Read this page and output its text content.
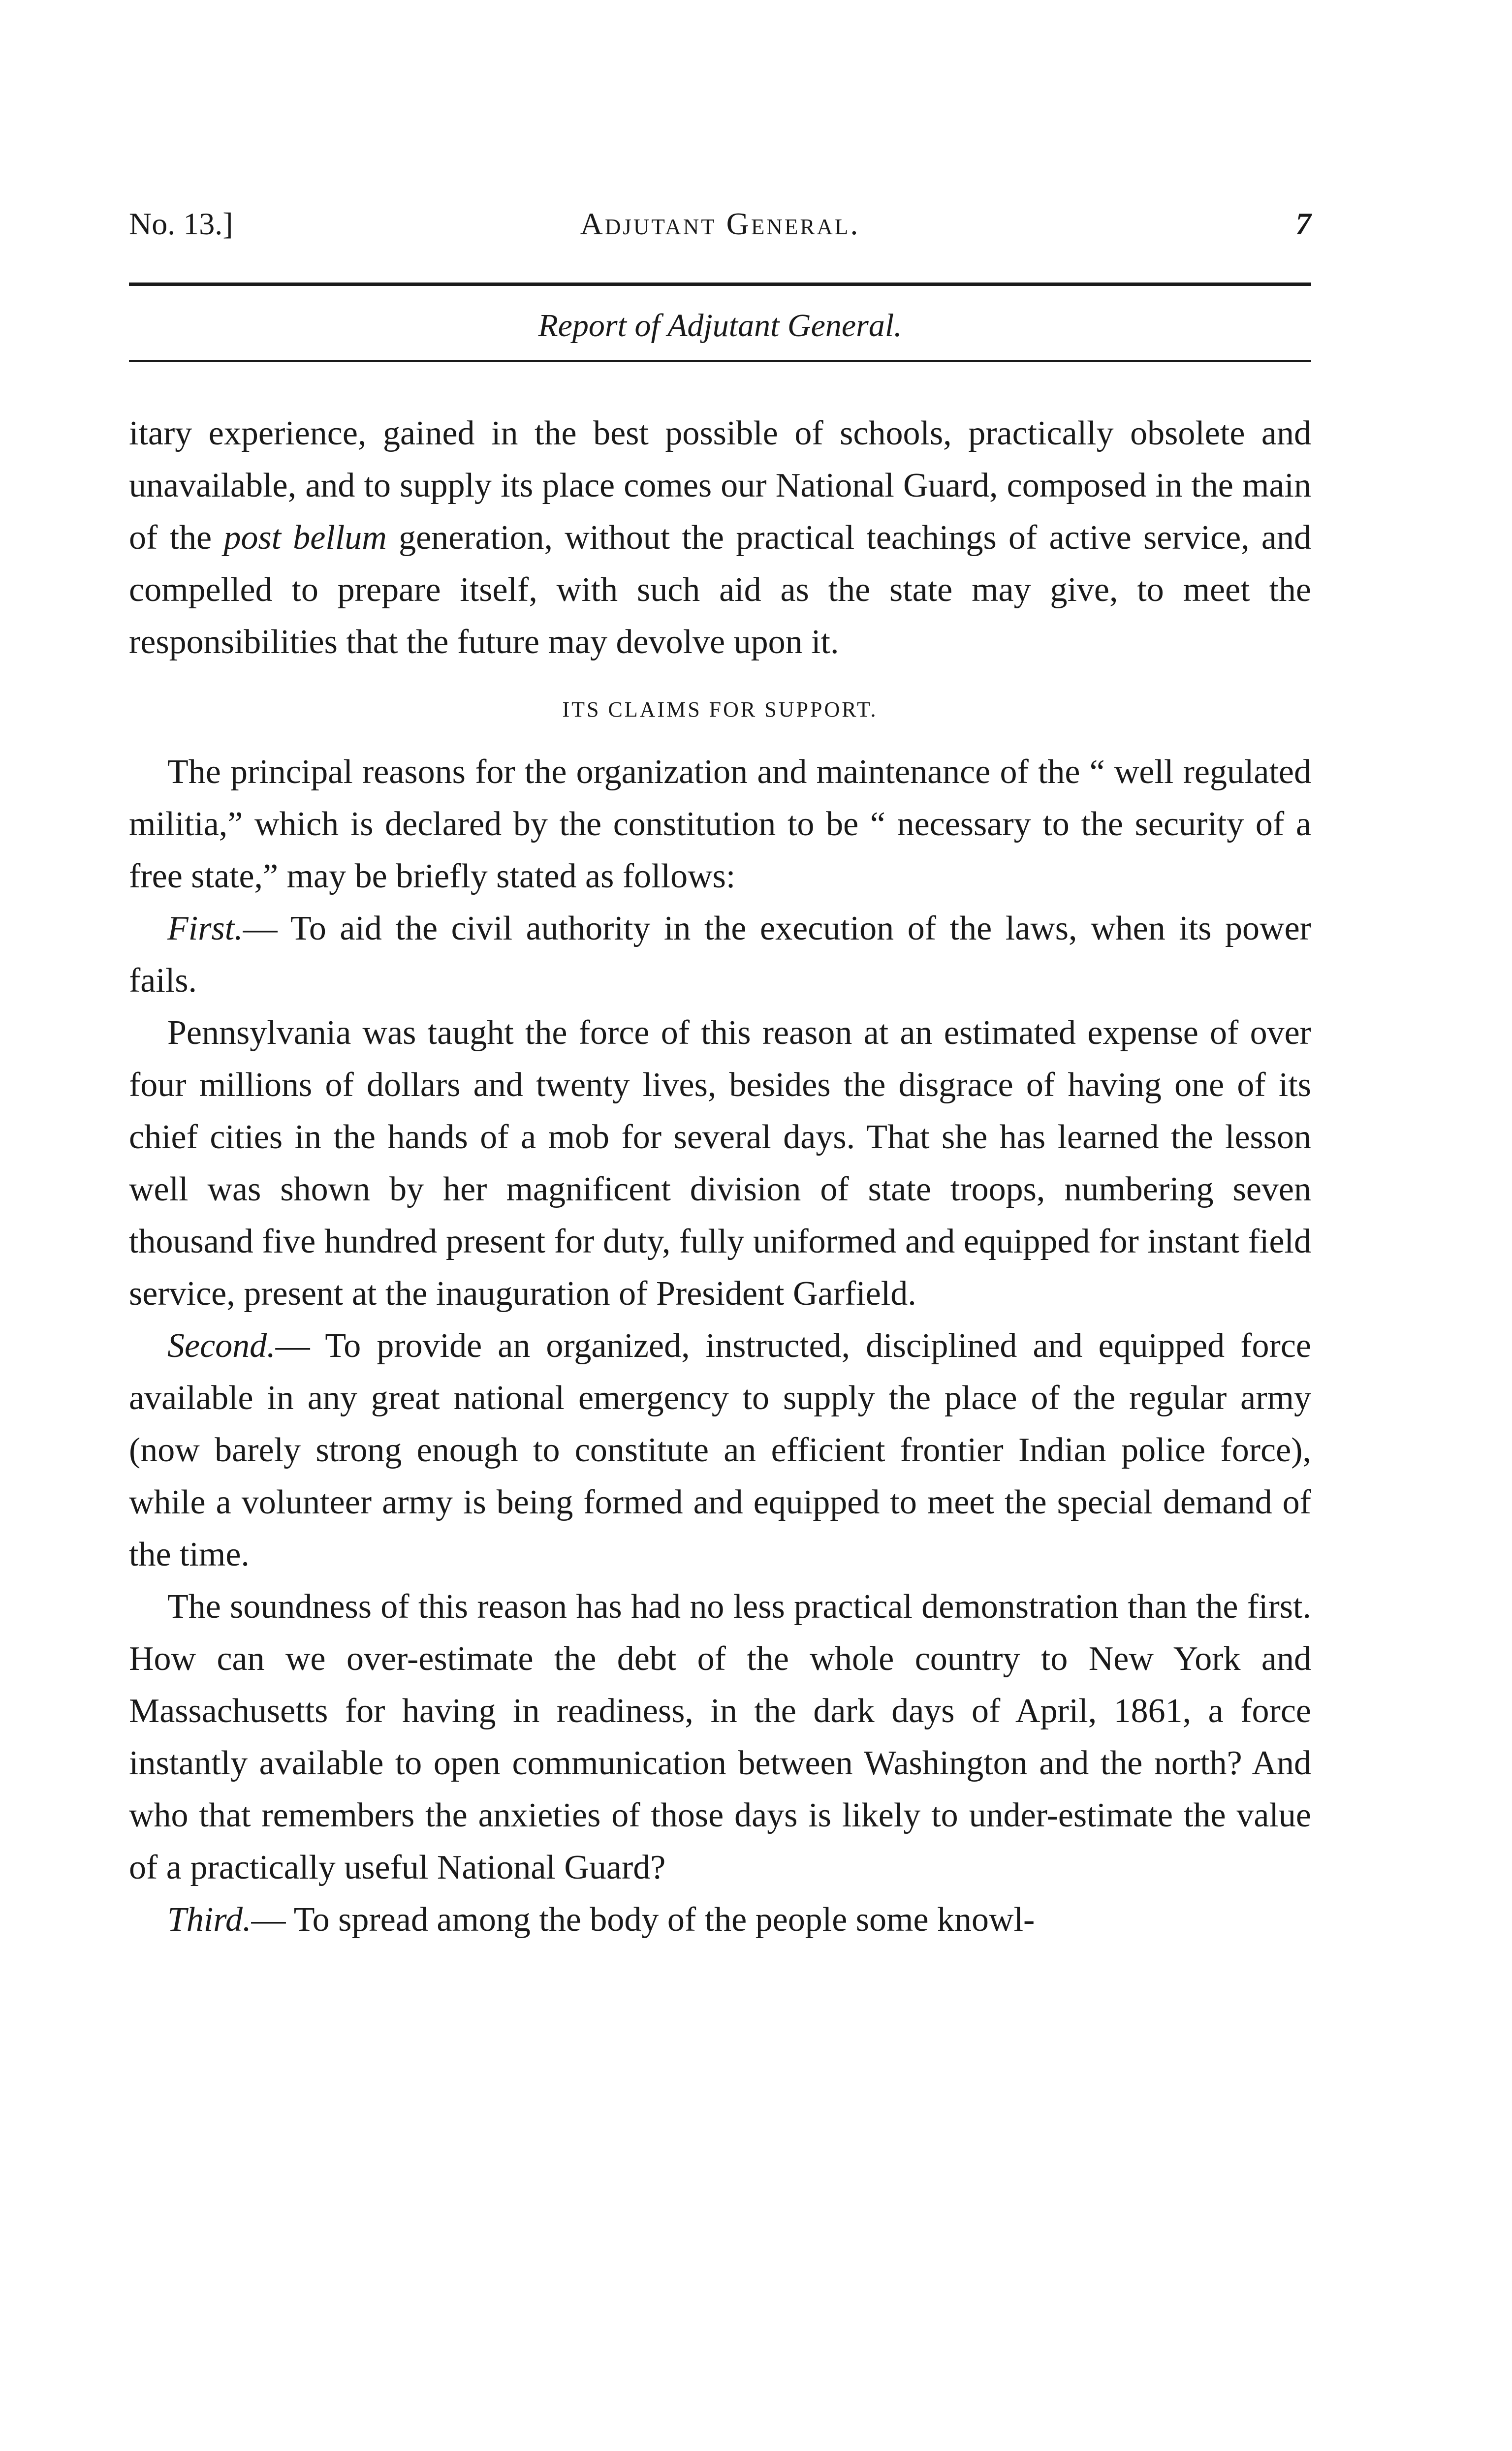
No. 13.]	Adjutant General.	7
Report of Adjutant General.

itary experience, gained in the best possible of schools, practically obsolete and unavailable, and to supply its place comes our National Guard, composed in the main of the post bellum generation, without the practical teachings of active service, and compelled to prepare itself, with such aid as the state may give, to meet the responsibilities that the future may devolve upon it.

ITS CLAIMS FOR SUPPORT.

The principal reasons for the organization and maintenance of the “ well regulated militia,” which is declared by the constitution to be “ necessary to the security of a free state,” may be briefly stated as follows:

First.— To aid the civil authority in the execution of the laws, when its power fails.

Pennsylvania was taught the force of this reason at an estimated expense of over four millions of dollars and twenty lives, besides the disgrace of having one of its chief cities in the hands of a mob for several days. That she has learned the lesson well was shown by her magnificent division of state troops, numbering seven thousand five hundred present for duty, fully uniformed and equipped for instant field service, present at the inauguration of President Garfield.

Second.— To provide an organized, instructed, disciplined and equipped force available in any great national emergency to supply the place of the regular army (now barely strong enough to constitute an efficient frontier Indian police force), while a volunteer army is being formed and equipped to meet the special demand of the time.

The soundness of this reason has had no less practical demonstration than the first. How can we over-estimate the debt of the whole country to New York and Massachusetts for having in readiness, in the dark days of April, 1861, a force instantly available to open communication between Washington and the north? And who that remembers the anxieties of those days is likely to under-estimate the value of a practically useful National Guard?

Third.— To spread among the body of the people some knowl-
